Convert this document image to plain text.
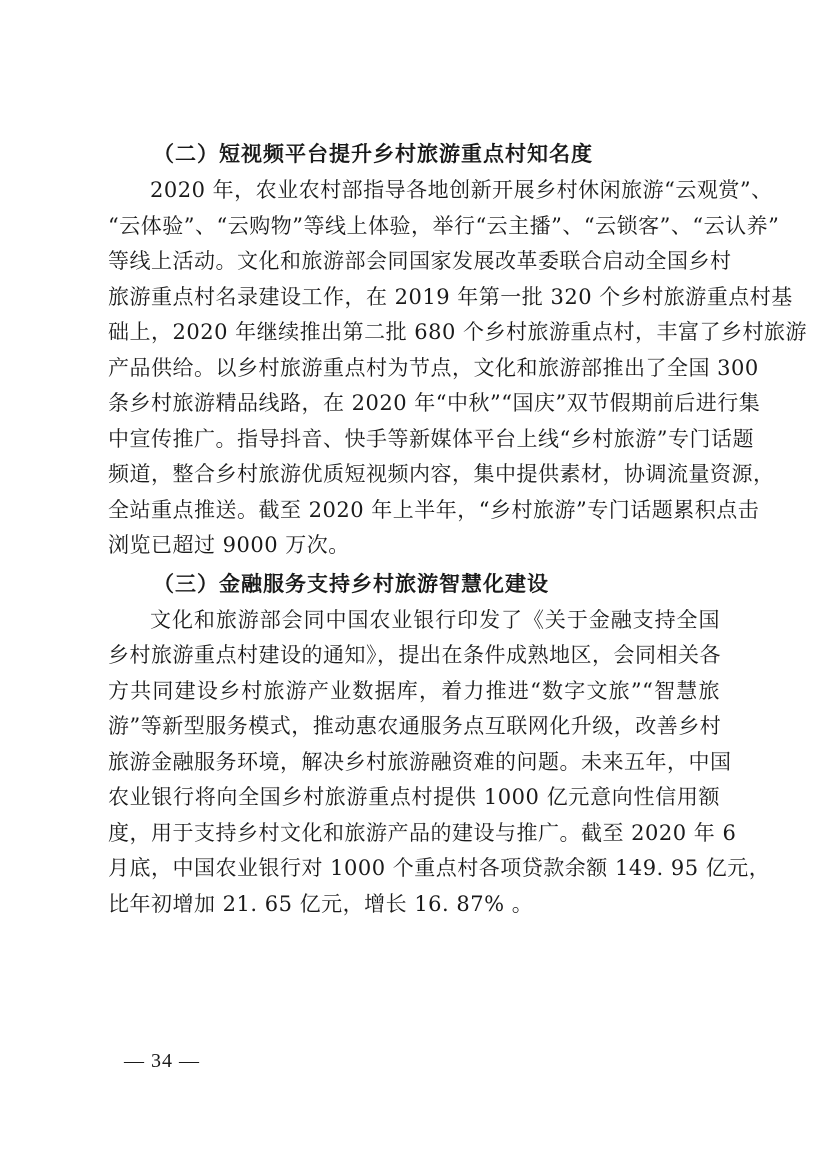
（二）短视频平台提升乡村旅游重点村知名度
2020 年，农业农村部指导各地创新开展乡村休闲旅游“云观赏”、
“云体验”、“云购物”等线上体验，举行“云主播”、“云锁客”、“云认养”
等线上活动。文化和旅游部会同国家发展改革委联合启动全国乡村
旅游重点村名录建设工作，在 2019 年第一批 320 个乡村旅游重点村基
础上，2020 年继续推出第二批 680 个乡村旅游重点村，丰富了乡村旅游
产品供给。以乡村旅游重点村为节点，文化和旅游部推出了全国 300
条乡村旅游精品线路，在 2020 年“中秋”“国庆”双节假期前后进行集
中宣传推广。指导抖音、快手等新媒体平台上线“乡村旅游”专门话题
频道，整合乡村旅游优质短视频内容，集中提供素材，协调流量资源，
全站重点推送。截至 2020 年上半年，“乡村旅游”专门话题累积点击
浏览已超过 9000 万次。
（三）金融服务支持乡村旅游智慧化建设
文化和旅游部会同中国农业银行印发了《关于金融支持全国
乡村旅游重点村建设的通知》，提出在条件成熟地区，会同相关各
方共同建设乡村旅游产业数据库，着力推进“数字文旅”“智慧旅
游”等新型服务模式，推动惠农通服务点互联网化升级，改善乡村
旅游金融服务环境，解决乡村旅游融资难的问题。未来五年，中国
农业银行将向全国乡村旅游重点村提供 1000 亿元意向性信用额
度，用于支持乡村文化和旅游产品的建设与推广。截至 2020 年 6
月底，中国农业银行对 1000 个重点村各项贷款余额 149. 95 亿元，
比年初增加 21. 65 亿元，增长 16. 87% 。
— 34 —
